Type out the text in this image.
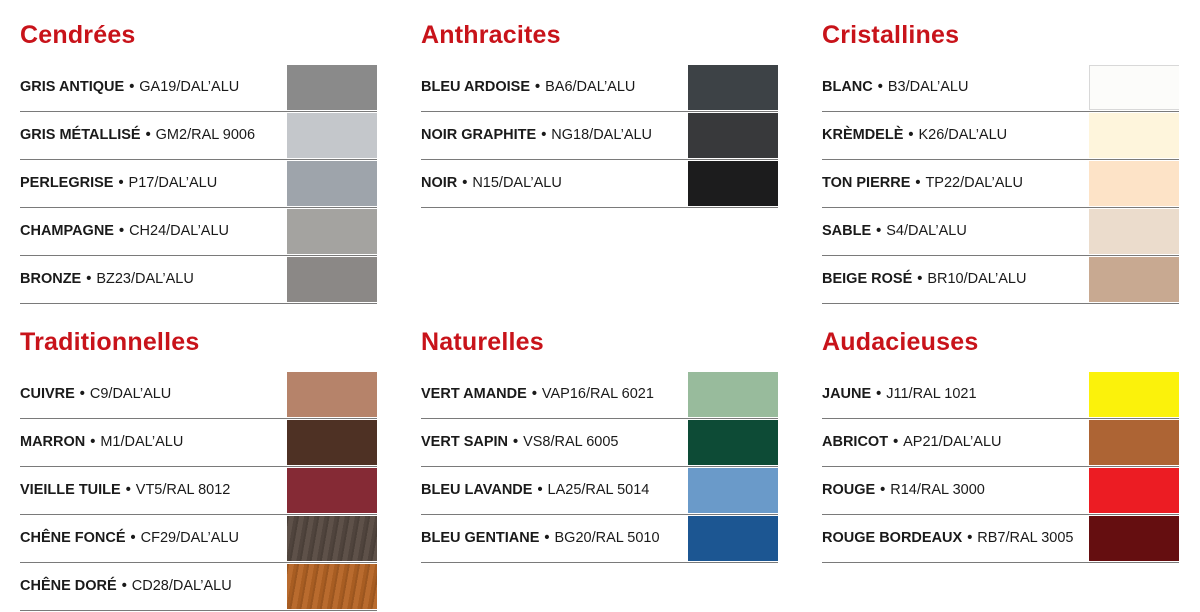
Cendrées
GRIS ANTIQUE • GA19/DAL’ALU
GRIS MÉTALLISÉ • GM2/RAL 9006
PERLEGRISE • P17/DAL’ALU
CHAMPAGNE • CH24/DAL’ALU
BRONZE • BZ23/DAL’ALU
Anthracites
BLEU ARDOISE • BA6/DAL’ALU
NOIR GRAPHITE • NG18/DAL’ALU
NOIR • N15/DAL’ALU
Cristallines
BLANC • B3/DAL’ALU
KRÈMDELÈ • K26/DAL’ALU
TON PIERRE • TP22/DAL’ALU
SABLE • S4/DAL’ALU
BEIGE ROSÉ • BR10/DAL’ALU
Traditionnelles
CUIVRE • C9/DAL’ALU
MARRON • M1/DAL’ALU
VIEILLE TUILE • VT5/RAL 8012
CHÊNE FONCÉ • CF29/DAL’ALU
CHÊNE DORÉ • CD28/DAL’ALU
Naturelles
VERT AMANDE • VAP16/RAL 6021
VERT SAPIN • VS8/RAL 6005
BLEU LAVANDE • LA25/RAL 5014
BLEU GENTIANE • BG20/RAL 5010
Audacieuses
JAUNE • J11/RAL 1021
ABRICOT • AP21/DAL’ALU
ROUGE • R14/RAL 3000
ROUGE BORDEAUX • RB7/RAL 3005
